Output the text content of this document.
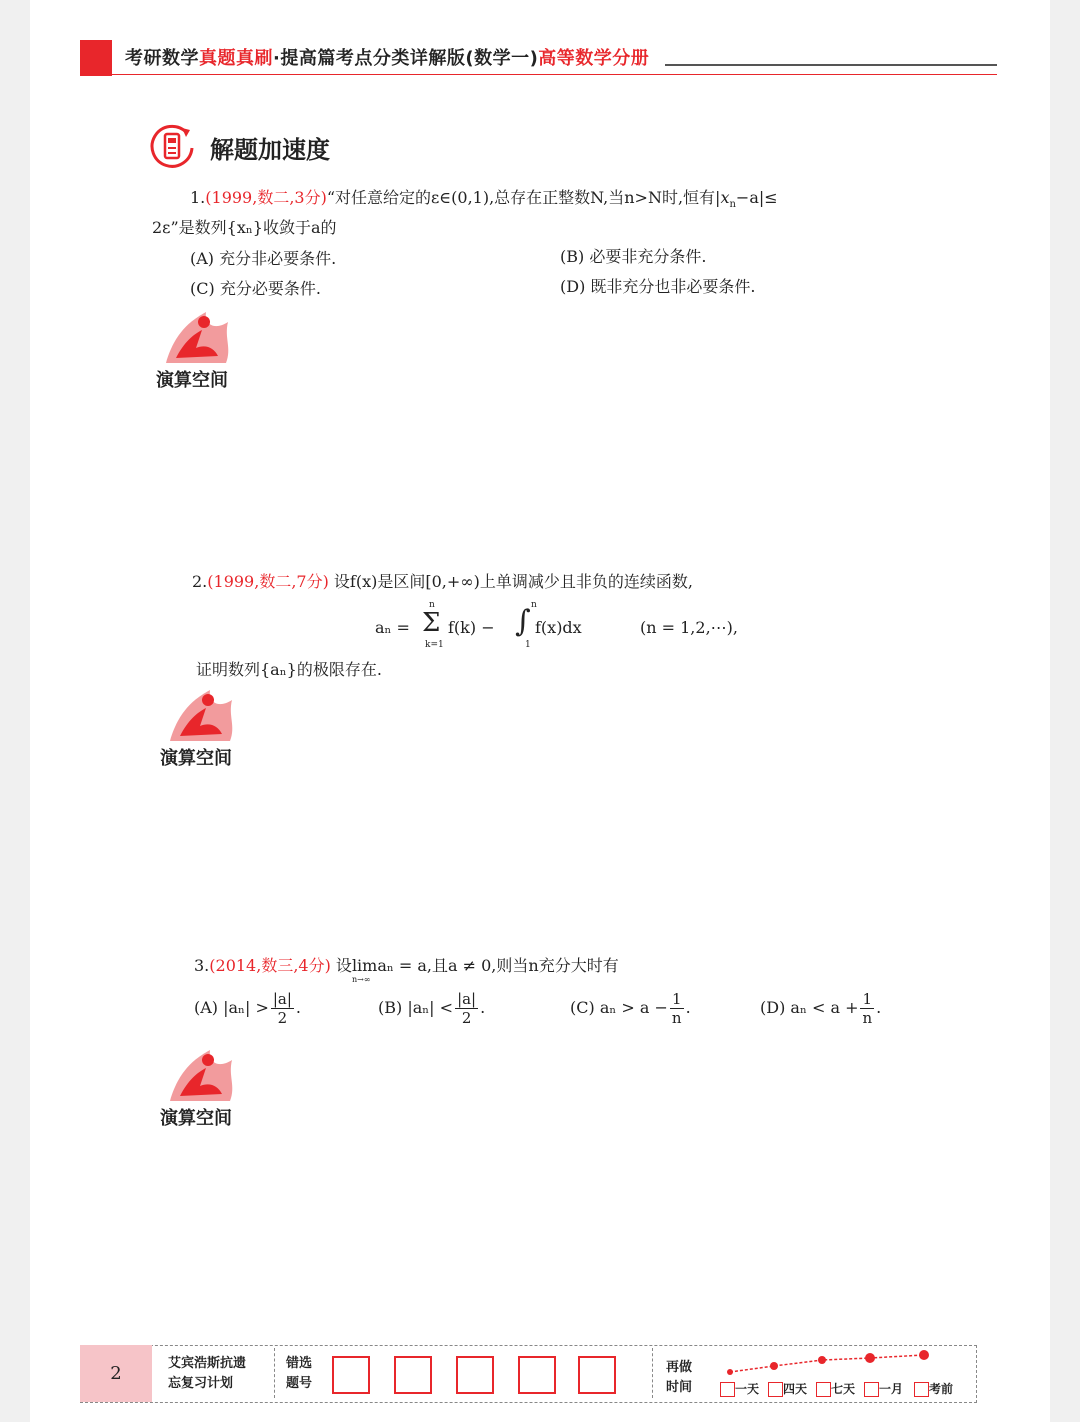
考研数学真题真刷·提高篇考点分类详解版(数学一)高等数学分册
解题加速度
1.(1999,数二,3分)“对任意给定的ε∈(0,1),总存在正整数N,当n>N时,恒有$|x_n-a|\le$
2ε”是数列{xₙ}收敛于a的
(A) 充分非必要条件.	(B) 必要非充分条件.
(C) 充分必要条件.	(D) 既非充分也非必要条件.
演算空间
2.(1999,数二,7分) 设f(x)是区间[0,+∞)上单调减少且非负的连续函数,
aₙ = Σ
n
k=1
f(k) − ∫ n
1
f(x)dx	(n = 1,2,⋯),
证明数列{aₙ}的极限存在.
演算空间
3.(2014,数三,4分) 设lim
n→∞
aₙ = a,且a ≠ 0,则当n充分大时有
(A) $|a_n| > \frac{|a|}{2}$ .	(B) $|a_n| < \frac{|a|}{2}$ .	(C) $a_n > a - \frac{1}{n}$ .	(D) $a_n < a + \frac{1}{n}$ .
演算空间
2	艾宾浩斯抗遗
忘复习计划
错选
题号
再做
时间	一天	四天	七天	一月	考前
